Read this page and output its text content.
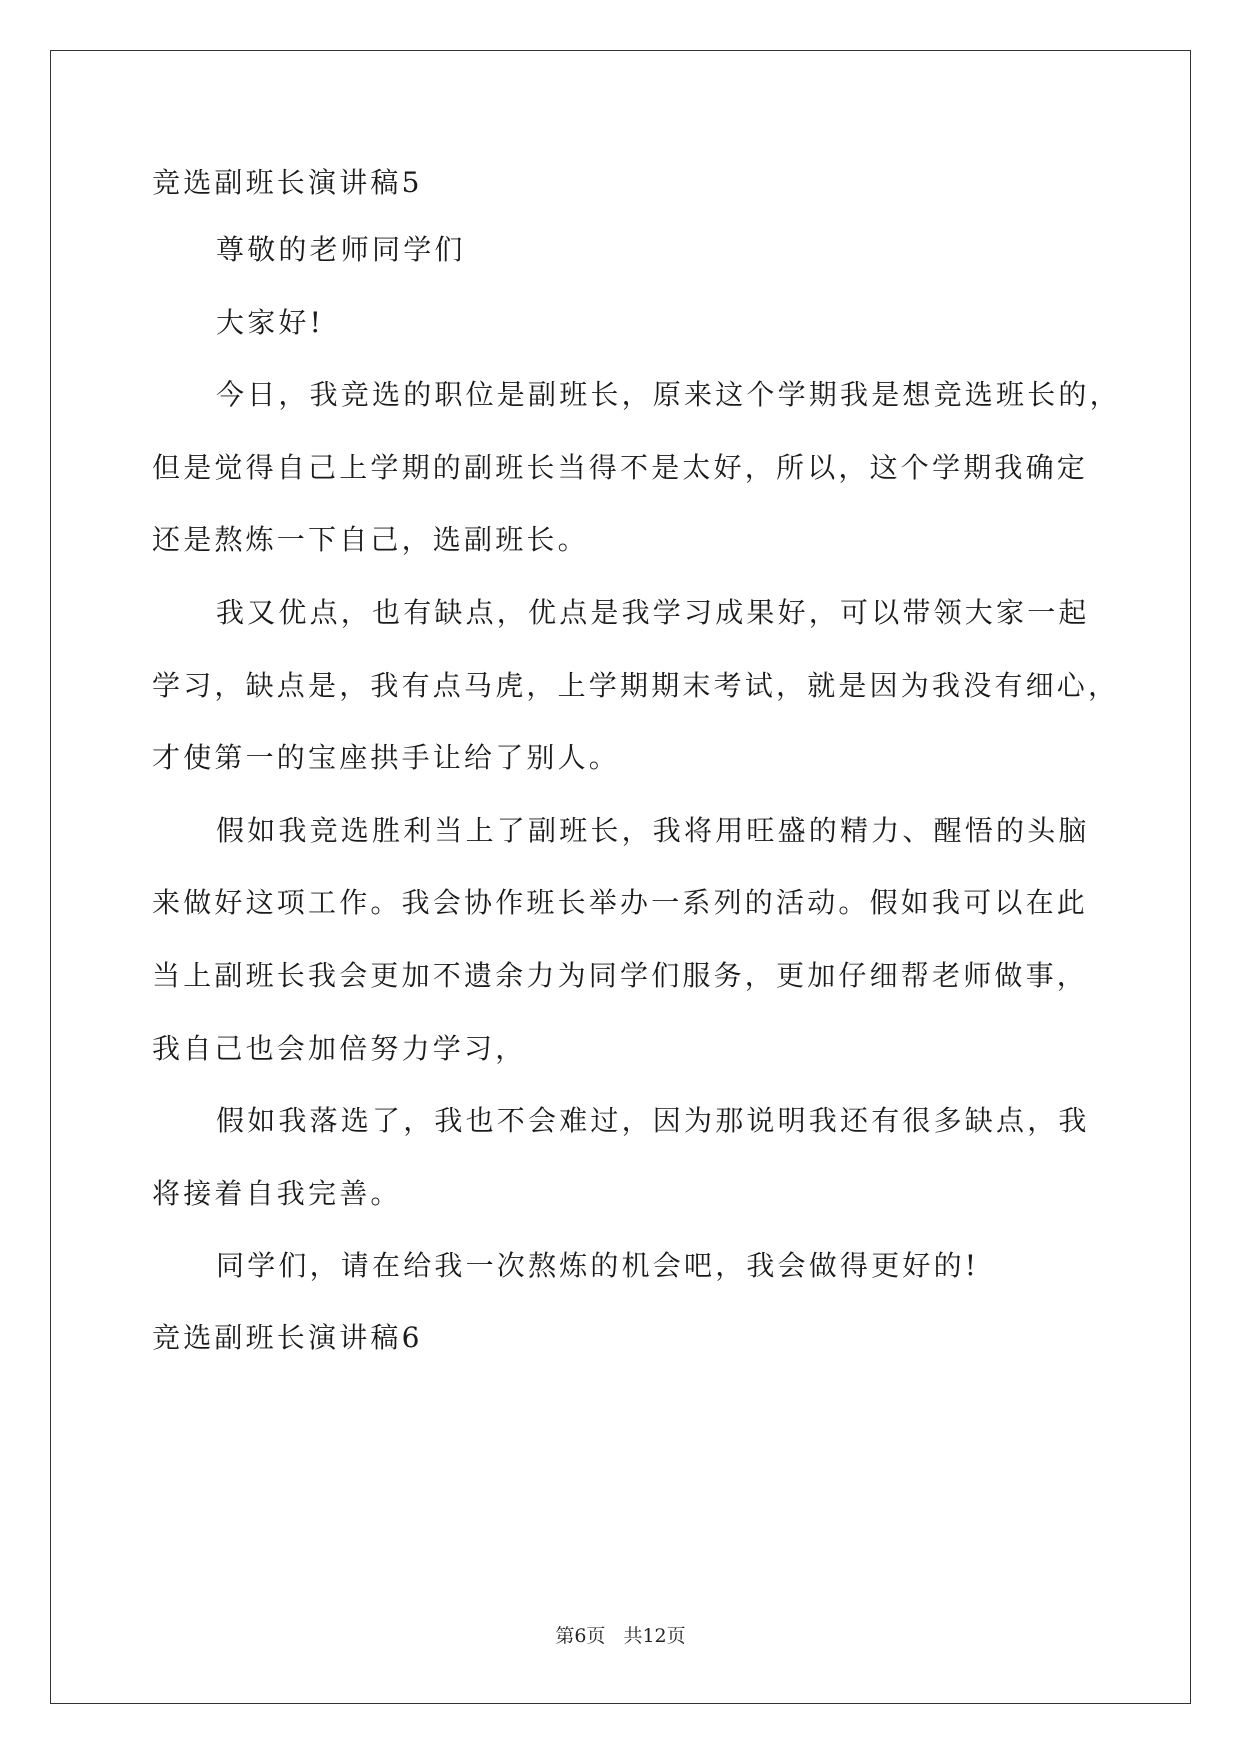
竞选副班长演讲稿5
尊敬的老师同学们
大家好!
今日，我竞选的职位是副班长，原来这个学期我是想竞选班长的，
但是觉得自己上学期的副班长当得不是太好，所以，这个学期我确定
还是熬炼一下自己，选副班长。
我又优点，也有缺点，优点是我学习成果好，可以带领大家一起
学习，缺点是，我有点马虎，上学期期末考试，就是因为我没有细心，
才使第一的宝座拱手让给了别人。
假如我竞选胜利当上了副班长，我将用旺盛的精力、醒悟的头脑
来做好这项工作。我会协作班长举办一系列的活动。假如我可以在此
当上副班长我会更加不遗余力为同学们服务，更加仔细帮老师做事，
我自己也会加倍努力学习，
假如我落选了，我也不会难过，因为那说明我还有很多缺点，我
将接着自我完善。
同学们，请在给我一次熬炼的机会吧，我会做得更好的!
竞选副班长演讲稿6
第6页 共12页
